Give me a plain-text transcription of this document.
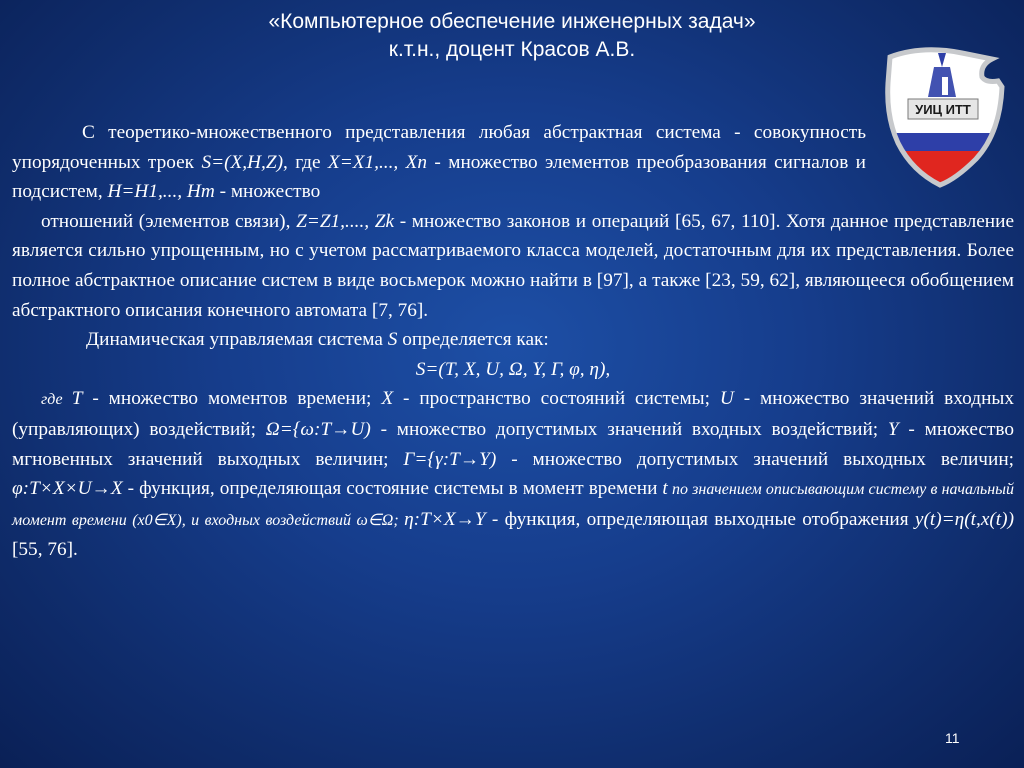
«Компьютерное обеспечение инженерных задач»
к.т.н., доцент Красов А.В.
УИЦ ИТТ

С теоретико-множественного представления любая абстрактная система - совокупность упорядоченных троек S=(X,H,Z), где X=X1,..., Xn - множество элементов преобразования сигналов и подсистем, H=H1,..., Hm - множество

отношений (элементов связи), Z=Z1,...., Zk - множество законов и операций [65, 67, 110]. Хотя данное представление является сильно упрощенным, но с учетом рассматриваемого класса моделей, достаточным для их представления. Более полное абстрактное описание систем в виде восьмерок можно найти в [97], а также [23, 59, 62], являющееся обобщением абстрактного описания конечного автомата [7, 76].

Динамическая управляемая система S определяется как:

S=(T, X, U, Ω, Y, Γ, φ, η),

где T - множество моментов времени; X - пространство состояний системы; U - множество значений входных (управляющих) воздействий; Ω={ω:T→U) - множество допустимых значений входных воздействий; Y - множество мгновенных значений выходных величин; Γ={γ:T→Y) - множество допустимых значений выходных величин; φ:T×X×U→X - функция, определяющая состояние системы в момент времени t по значением описывающим систему в начальный момент времени (x0∈X), и входных воздействий ω∈Ω; η:T×X→Y - функция, определяющая выходные отображения y(t)=η(t,x(t)) [55, 76].

11
